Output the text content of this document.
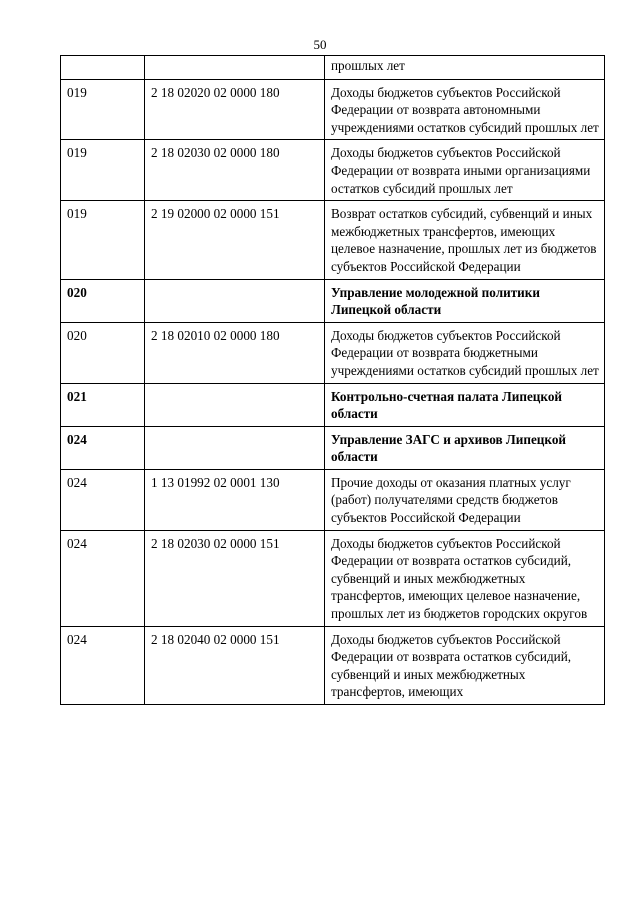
50
		прошлых лет
019	2 18 02020 02 0000 180	Доходы бюджетов субъектов Российской Федерации от возврата автономными учреждениями остатков субсидий прошлых лет
019	2 18 02030 02 0000 180	Доходы бюджетов субъектов Российской Федерации от возврата иными организациями остатков субсидий прошлых лет
019	2 19 02000 02 0000 151	Возврат остатков субсидий, субвенций и иных межбюджетных трансфертов, имеющих целевое назначение, прошлых лет из бюджетов субъектов Российской Федерации
020		Управление молодежной политики Липецкой области
020	2 18 02010 02 0000 180	Доходы бюджетов субъектов Российской Федерации от возврата бюджетными учреждениями остатков субсидий прошлых лет
021		Контрольно-счетная палата Липецкой области
024		Управление ЗАГС и архивов Липецкой области
024	1 13 01992 02 0001 130	Прочие доходы от оказания платных услуг (работ) получателями средств бюджетов субъектов Российской Федерации
024	2 18 02030 02 0000 151	Доходы бюджетов субъектов Российской Федерации от возврата остатков субсидий, субвенций и иных межбюджетных трансфертов, имеющих целевое назначение, прошлых лет из бюджетов городских округов
024	2 18 02040 02 0000 151	Доходы бюджетов субъектов Российской Федерации от возврата остатков субсидий, субвенций и иных межбюджетных трансфертов, имеющих
